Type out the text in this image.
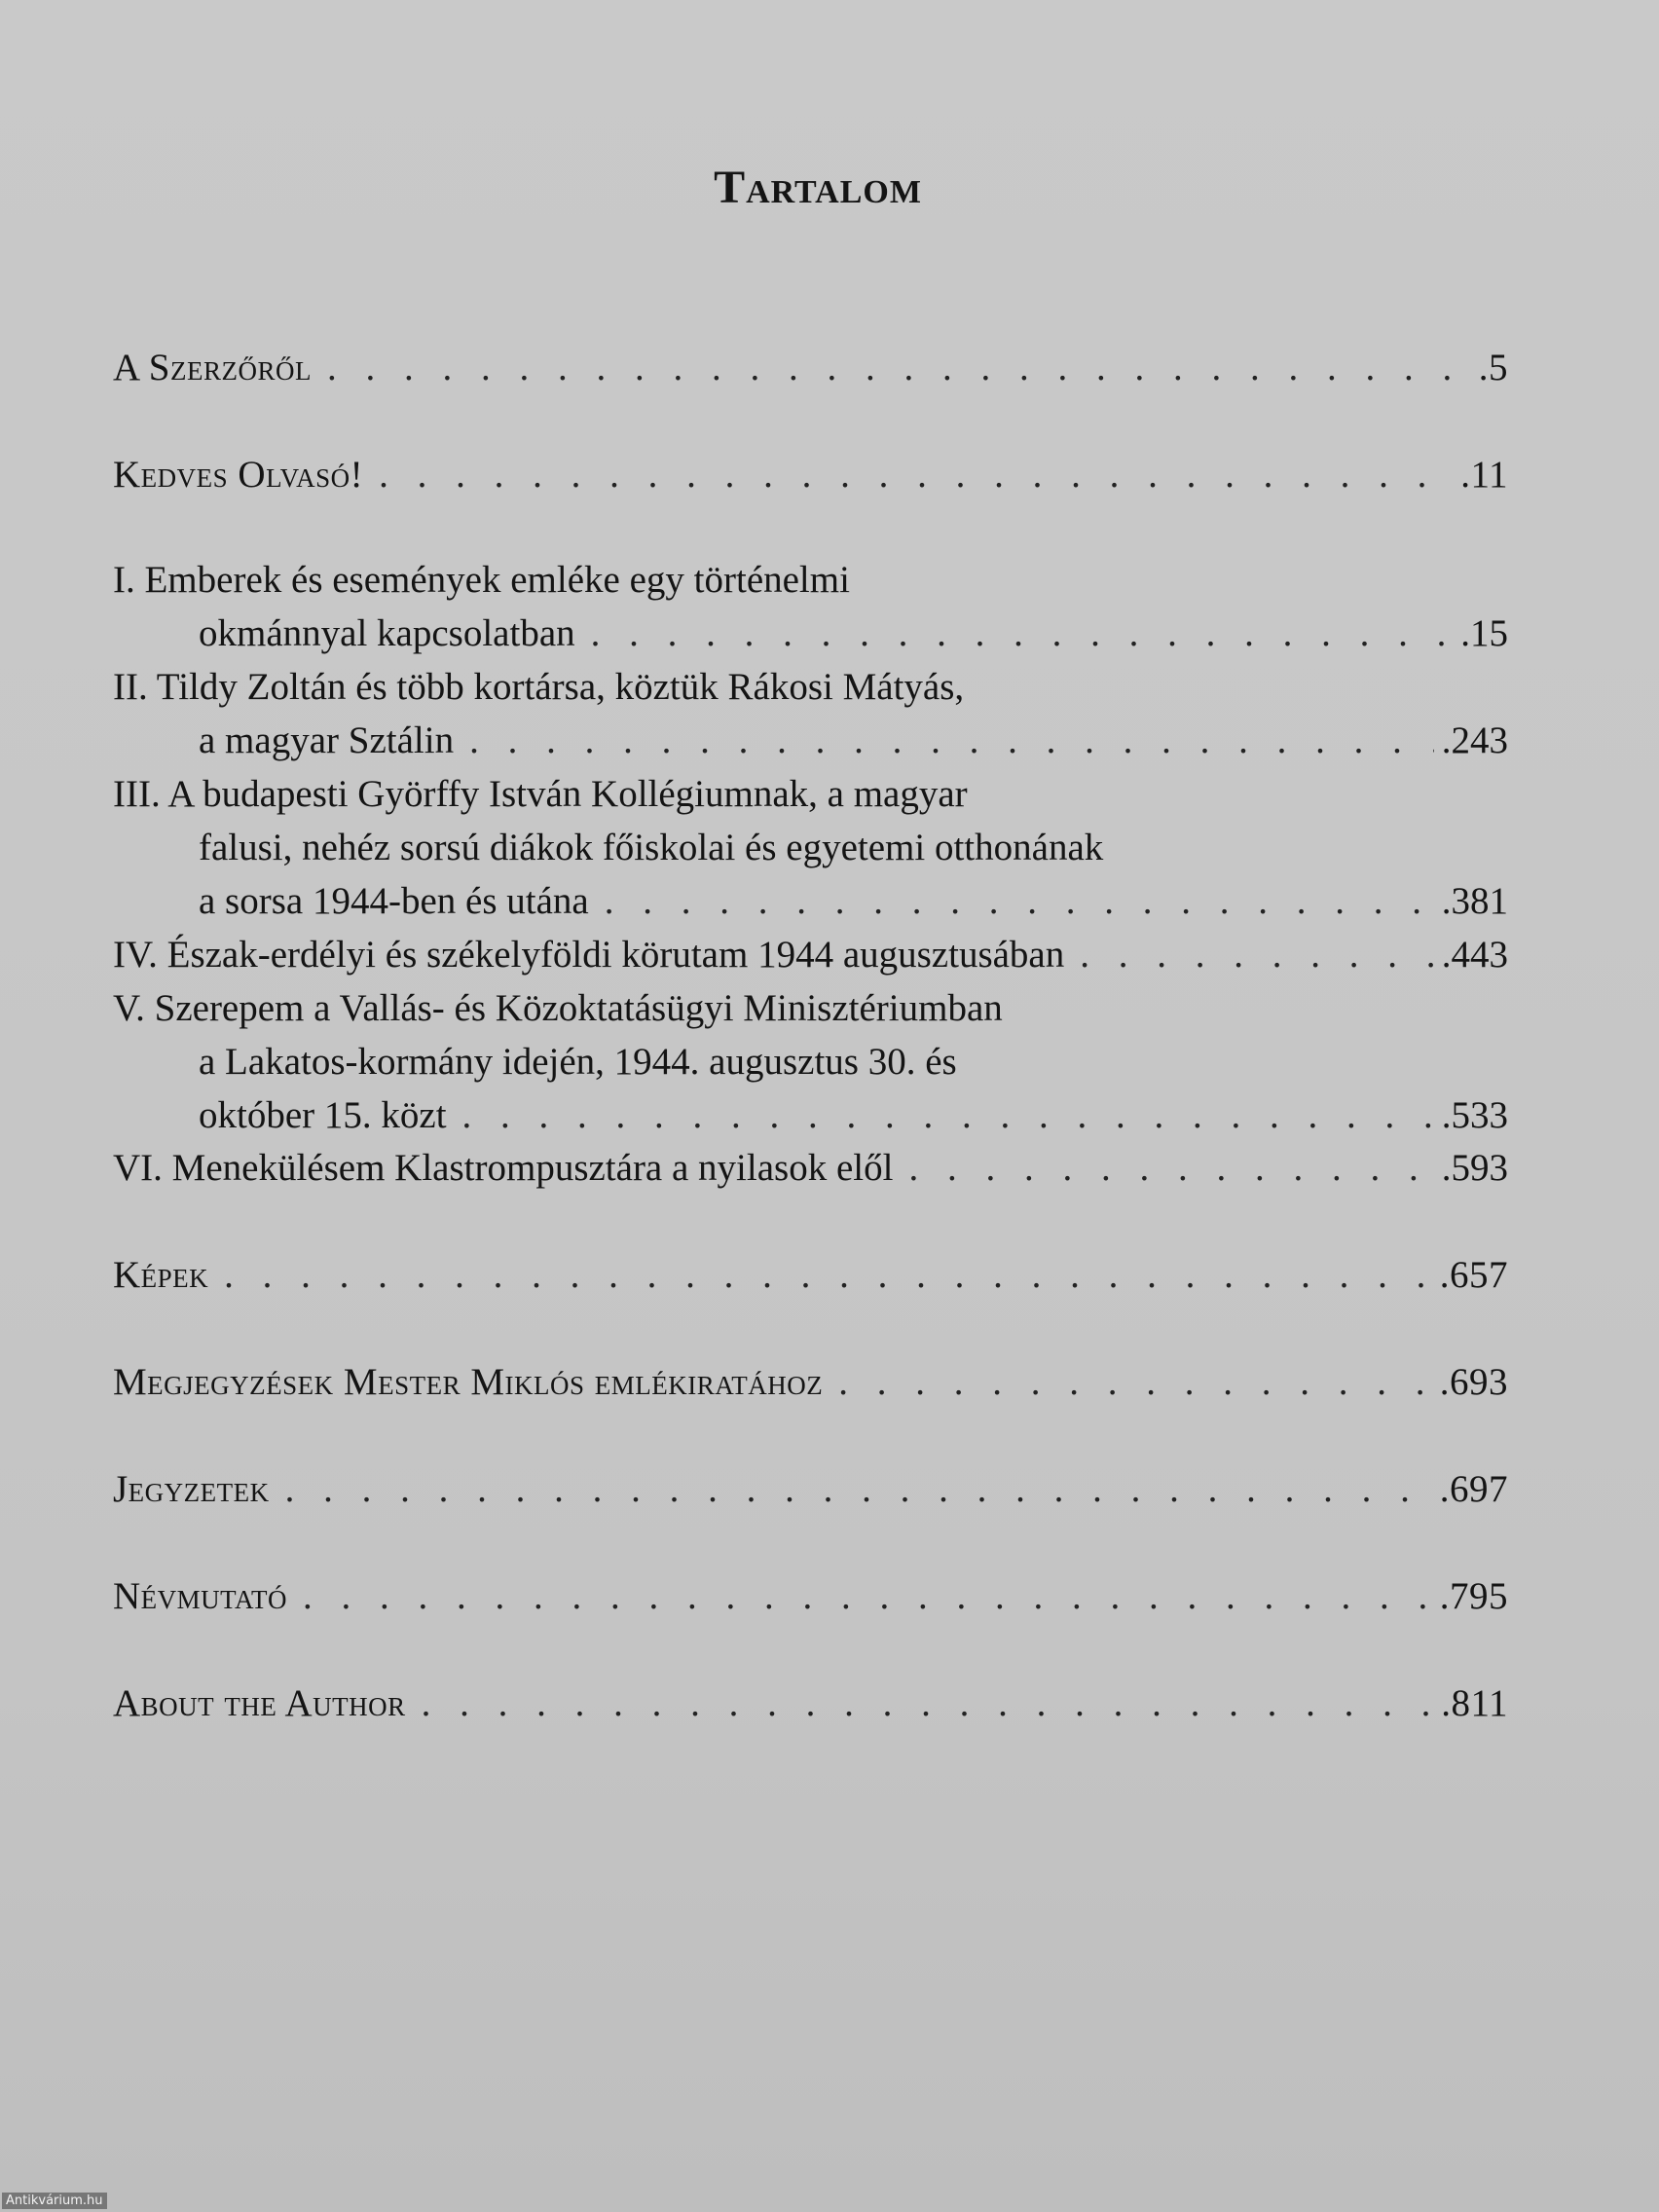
Tartalom
A Szerzőről . . .	.5
Kedves Olvasó! . . .	.11
I. Emberek és események emléke egy történelmi
okmánnyal kapcsolatban . . .	.15
II. Tildy Zoltán és több kortársa, köztük Rákosi Mátyás,
a magyar Sztálin . . .	.243
III. A budapesti Györffy István Kollégiumnak, a magyar
falusi, nehéz sorsú diákok főiskolai és egyetemi otthonának
a sorsa 1944-ben és utána . . .	.381
IV. Észak-erdélyi és székelyföldi körutam 1944 augusztusában . . .	.443
V. Szerepem a Vallás- és Közoktatásügyi Minisztériumban
a Lakatos-kormány idején, 1944. augusztus 30. és
október 15. közt . . .	.533
VI. Menekülésem Klastrompusztára a nyilasok elől . . .	.593
Képek . . .	.657
Megjegyzések Mester Miklós emlékiratához . . .	.693
Jegyzetek . . .	.697
Névmutató . . .	.795
About the Author . . .	.811
Antikvárium.hu
